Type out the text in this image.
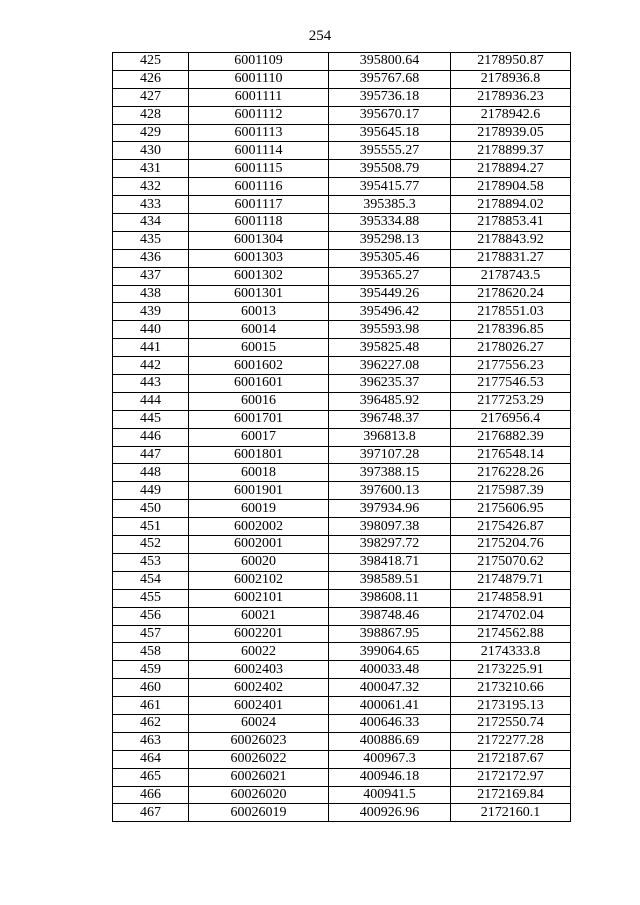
254
425	6001109	395800.64	2178950.87
426	6001110	395767.68	2178936.8
427	6001111	395736.18	2178936.23
428	6001112	395670.17	2178942.6
429	6001113	395645.18	2178939.05
430	6001114	395555.27	2178899.37
431	6001115	395508.79	2178894.27
432	6001116	395415.77	2178904.58
433	6001117	395385.3	2178894.02
434	6001118	395334.88	2178853.41
435	6001304	395298.13	2178843.92
436	6001303	395305.46	2178831.27
437	6001302	395365.27	2178743.5
438	6001301	395449.26	2178620.24
439	60013	395496.42	2178551.03
440	60014	395593.98	2178396.85
441	60015	395825.48	2178026.27
442	6001602	396227.08	2177556.23
443	6001601	396235.37	2177546.53
444	60016	396485.92	2177253.29
445	6001701	396748.37	2176956.4
446	60017	396813.8	2176882.39
447	6001801	397107.28	2176548.14
448	60018	397388.15	2176228.26
449	6001901	397600.13	2175987.39
450	60019	397934.96	2175606.95
451	6002002	398097.38	2175426.87
452	6002001	398297.72	2175204.76
453	60020	398418.71	2175070.62
454	6002102	398589.51	2174879.71
455	6002101	398608.11	2174858.91
456	60021	398748.46	2174702.04
457	6002201	398867.95	2174562.88
458	60022	399064.65	2174333.8
459	6002403	400033.48	2173225.91
460	6002402	400047.32	2173210.66
461	6002401	400061.41	2173195.13
462	60024	400646.33	2172550.74
463	60026023	400886.69	2172277.28
464	60026022	400967.3	2172187.67
465	60026021	400946.18	2172172.97
466	60026020	400941.5	2172169.84
467	60026019	400926.96	2172160.1
